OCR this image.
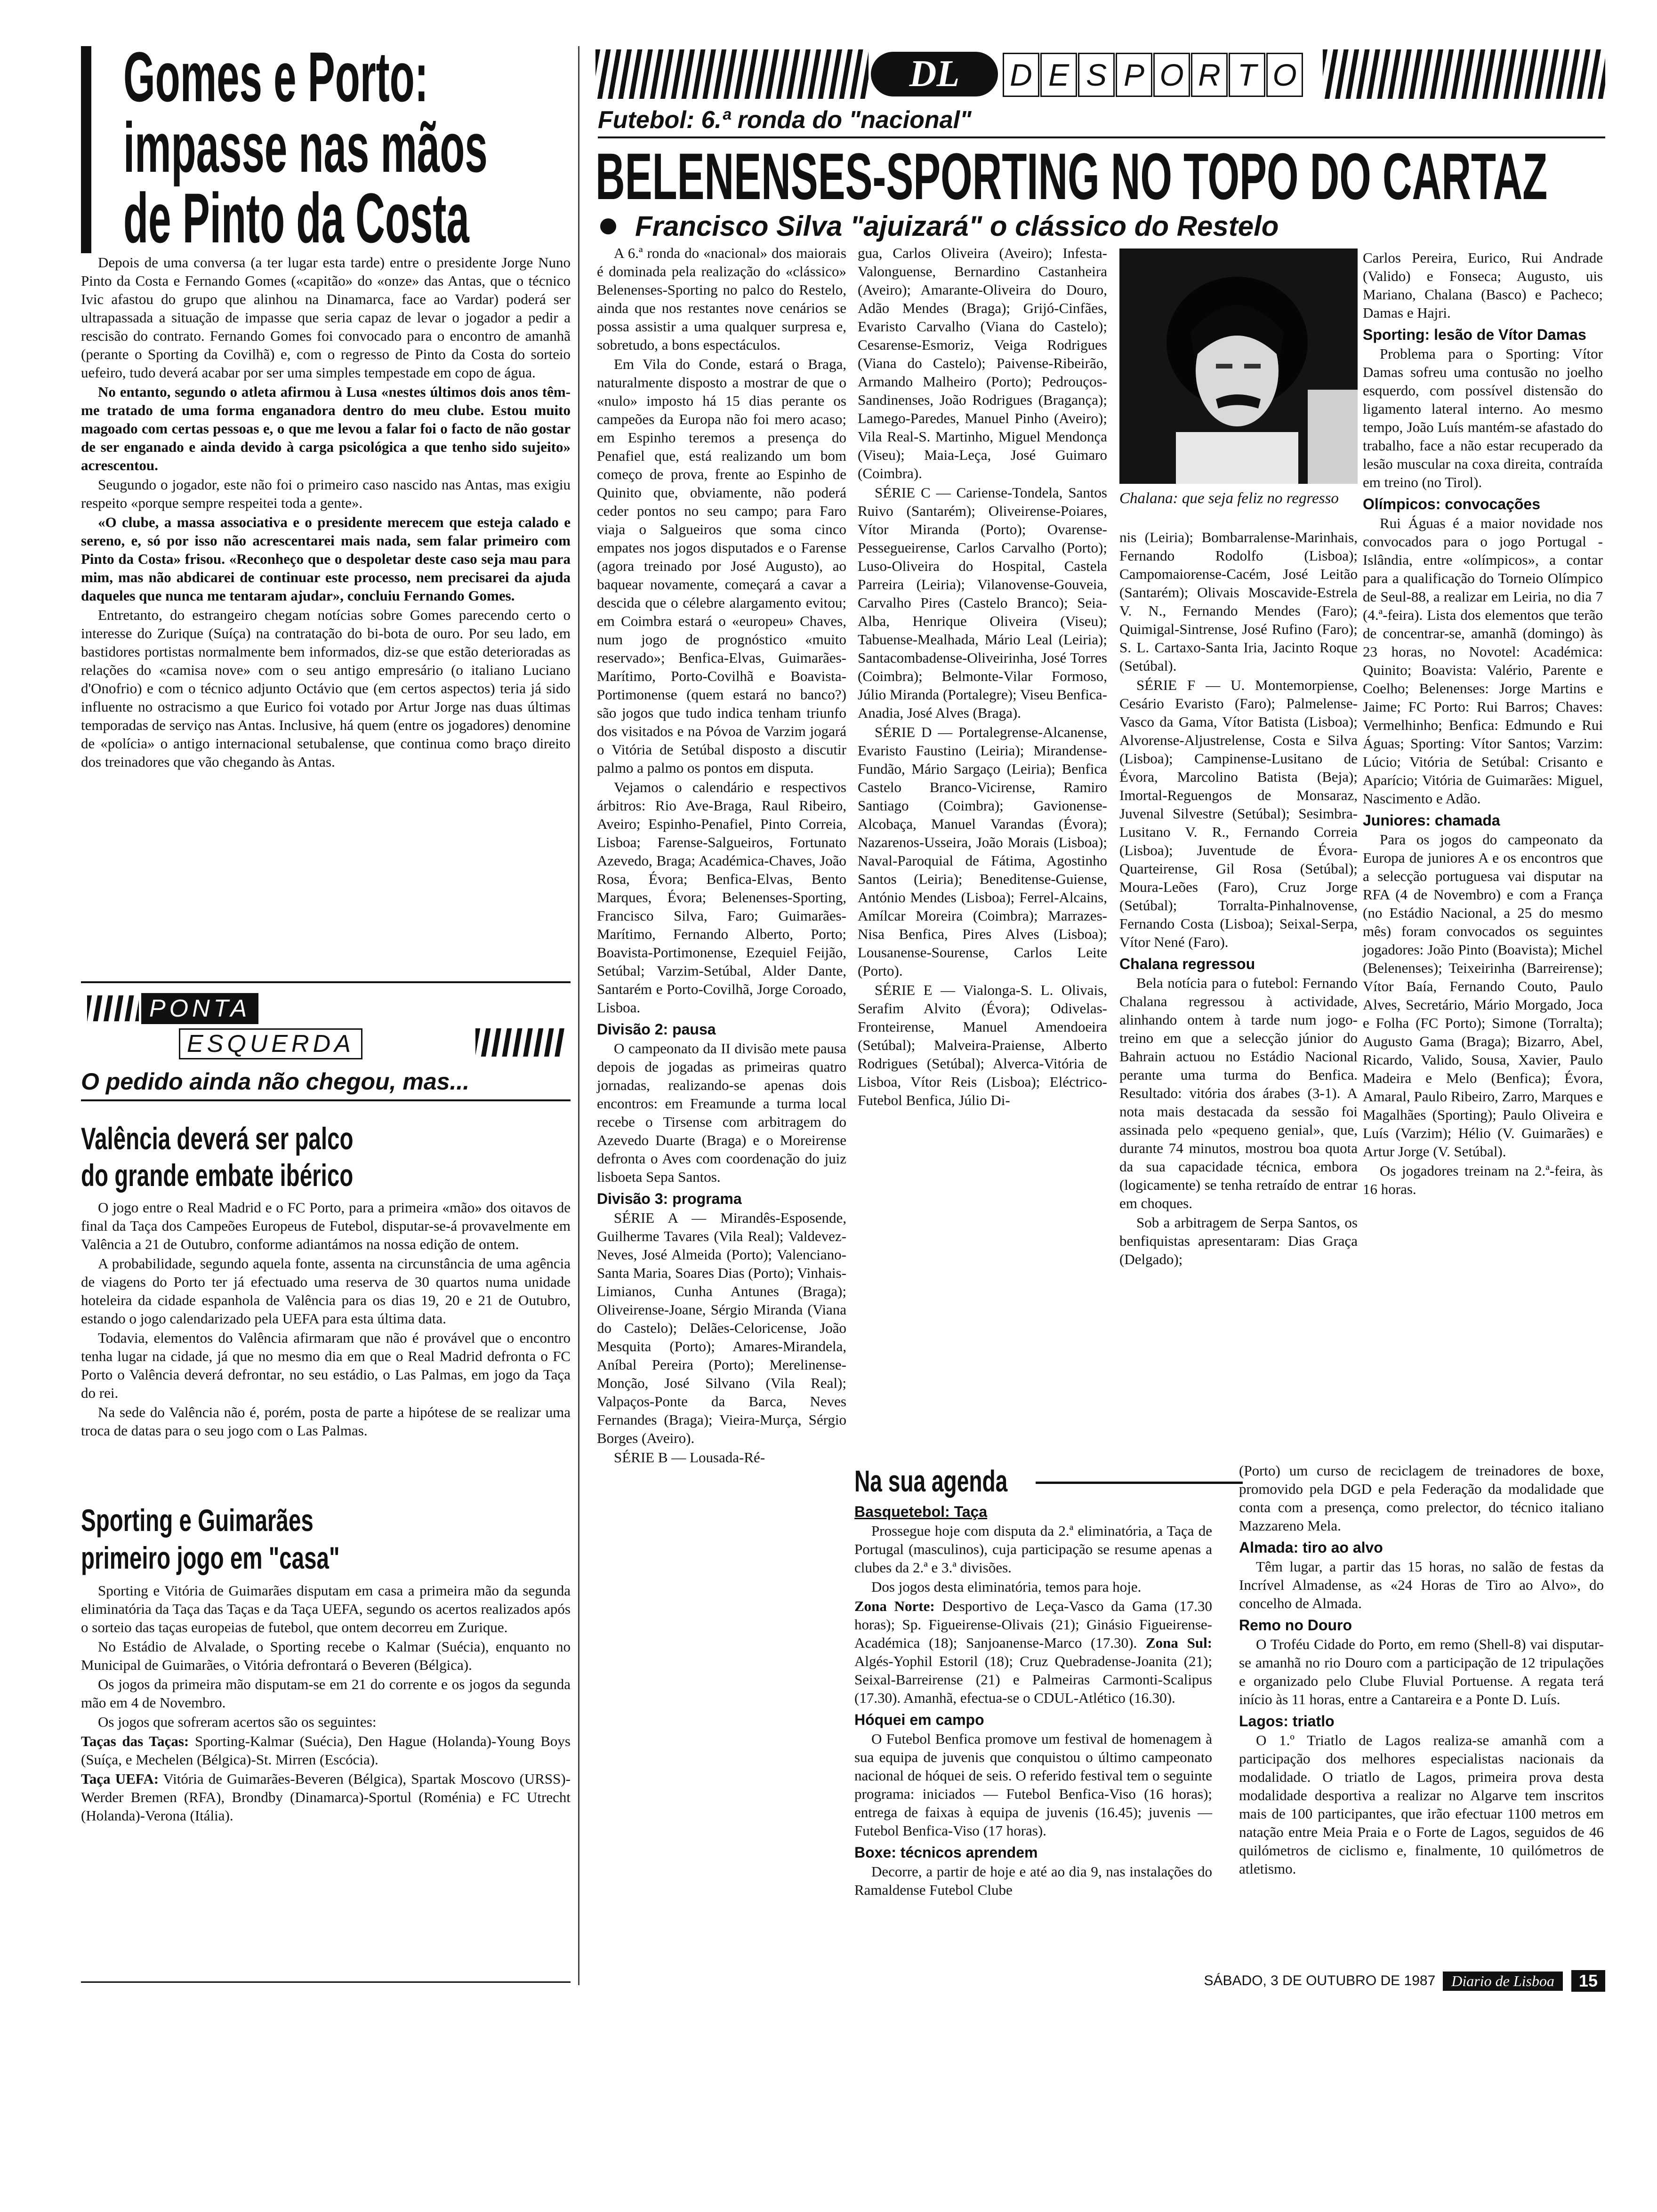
Gomes e Porto:
impasse nas mãos
de Pinto da Costa

Depois de uma conversa (a ter lugar esta tarde) entre o presidente Jorge Nuno Pinto da Costa e Fernando Gomes («capitão» do «onze» das Antas, que o técnico Ivic afastou do grupo que alinhou na Dinamarca, face ao Vardar) poderá ser ultrapassada a situação de impasse que seria capaz de levar o jogador a pedir a rescisão do contrato. Fernando Gomes foi convocado para o encontro de amanhã (perante o Sporting da Covilhã) e, com o regresso de Pinto da Costa do sorteio uefeiro, tudo deverá acabar por ser uma simples tempestade em copo de água.

No entanto, segundo o atleta afirmou à Lusa «nestes últimos dois anos têm-me tratado de uma forma enganadora dentro do meu clube. Estou muito magoado com certas pessoas e, o que me levou a falar foi o facto de não gostar de ser enganado e ainda devido à carga psicológica a que tenho sido sujeito» acrescentou.

Seugundo o jogador, este não foi o primeiro caso nascido nas Antas, mas exigiu respeito «porque sempre respeitei toda a gente».

«O clube, a massa associativa e o presidente merecem que esteja calado e sereno, e, só por isso não acrescentarei mais nada, sem falar primeiro com Pinto da Costa» frisou. «Reconheço que o despoletar deste caso seja mau para mim, mas não abdicarei de continuar este processo, nem precisarei da ajuda daqueles que nunca me tentaram ajudar», concluiu Fernando Gomes.

Entretanto, do estrangeiro chegam notícias sobre Gomes parecendo certo o interesse do Zurique (Suíça) na contratação do bi-bota de ouro. Por seu lado, em bastidores portistas normalmente bem informados, diz-se que estão deterioradas as relações do «camisa nove» com o seu antigo empresário (o italiano Luciano d'Onofrio) e com o técnico adjunto Octávio que (em certos aspectos) teria já sido influente no ostracismo a que Eurico foi votado por Artur Jorge nas duas últimas temporadas de serviço nas Antas. Inclusive, há quem (entre os jogadores) denomine de «polícia» o antigo internacional setubalense, que continua como braço direito dos treinadores que vão chegando às Antas.

PONTA
ESQUERDA
O pedido ainda não chegou, mas...
Valência deverá ser palco
do grande embate ibérico

O jogo entre o Real Madrid e o FC Porto, para a primeira «mão» dos oitavos de final da Taça dos Campeões Europeus de Futebol, disputar-se-á provavelmente em Valência a 21 de Outubro, conforme adiantámos na nossa edição de ontem.

A probabilidade, segundo aquela fonte, assenta na circunstância de uma agência de viagens do Porto ter já efectuado uma reserva de 30 quartos numa unidade hoteleira da cidade espanhola de Valência para os dias 19, 20 e 21 de Outubro, estando o jogo calendarizado pela UEFA para esta última data.

Todavia, elementos do Valência afirmaram que não é provável que o encontro tenha lugar na cidade, já que no mesmo dia em que o Real Madrid defronta o FC Porto o Valência deverá defrontar, no seu estádio, o Las Palmas, em jogo da Taça do rei.

Na sede do Valência não é, porém, posta de parte a hipótese de se realizar uma troca de datas para o seu jogo com o Las Palmas.

Sporting e Guimarães
primeiro jogo em "casa"

Sporting e Vitória de Guimarães disputam em casa a primeira mão da segunda eliminatória da Taça das Taças e da Taça UEFA, segundo os acertos realizados após o sorteio das taças europeias de futebol, que ontem decorreu em Zurique.

No Estádio de Alvalade, o Sporting recebe o Kalmar (Suécia), enquanto no Municipal de Guimarães, o Vitória defrontará o Beveren (Bélgica).

Os jogos da primeira mão disputam-se em 21 do corrente e os jogos da segunda mão em 4 de Novembro.

Os jogos que sofreram acertos são os seguintes:

Taças das Taças: Sporting-Kalmar (Suécia), Den Hague (Holanda)-Young Boys (Suíça, e Mechelen (Bélgica)-St. Mirren (Escócia).

Taça UEFA: Vitória de Guimarães-Beveren (Bélgica), Spartak Moscovo (URSS)-Werder Bremen (RFA), Brondby (Dinamarca)-Sportul (Roménia) e FC Utrecht (Holanda)-Verona (Itália).

DL D E S P O R T O
Futebol: 6.ª ronda do "nacional"
BELENENSES-SPORTING NO TOPO DO CARTAZ
Francisco Silva "ajuizará" o clássico do Restelo

A 6.ª ronda do «nacional» dos maiorais é dominada pela realização do «clássico» Belenenses-Sporting no palco do Restelo, ainda que nos restantes nove cenários se possa assistir a uma qualquer surpresa e, sobretudo, a bons espectáculos.

Em Vila do Conde, estará o Braga, naturalmente disposto a mostrar de que o «nulo» imposto há 15 dias perante os campeões da Europa não foi mero acaso; em Espinho teremos a presença do Penafiel que, está realizando um bom começo de prova, frente ao Espinho de Quinito que, obviamente, não poderá ceder pontos no seu campo; para Faro viaja o Salgueiros que soma cinco empates nos jogos disputados e o Farense (agora treinado por José Augusto), ao baquear novamente, começará a cavar a descida que o célebre alargamento evitou; em Coimbra estará o «europeu» Chaves, num jogo de prognóstico «muito reservado»; Benfica-Elvas, Guimarães-Marítimo, Porto-Covilhã e Boavista-Portimonense (quem estará no banco?) são jogos que tudo indica tenham triunfo dos visitados e na Póvoa de Varzim jogará o Vitória de Setúbal disposto a discutir palmo a palmo os pontos em disputa.

Vejamos o calendário e respectivos árbitros: Rio Ave-Braga, Raul Ribeiro, Aveiro; Espinho-Penafiel, Pinto Correia, Lisboa; Farense-Salgueiros, Fortunato Azevedo, Braga; Académica-Chaves, João Rosa, Évora; Benfica-Elvas, Bento Marques, Évora; Belenenses-Sporting, Francisco Silva, Faro; Guimarães-Marítimo, Fernando Alberto, Porto; Boavista-Portimonense, Ezequiel Feijão, Setúbal; Varzim-Setúbal, Alder Dante, Santarém e Porto-Covilhã, Jorge Coroado, Lisboa.

Divisão 2: pausa

O campeonato da II divisão mete pausa depois de jogadas as primeiras quatro jornadas, realizando-se apenas dois encontros: em Freamunde a turma local recebe o Tirsense com arbitragem do Azevedo Duarte (Braga) e o Moreirense defronta o Aves com coordenação do juiz lisboeta Sepa Santos.

Divisão 3: programa

SÉRIE A — Mirandês-Esposende, Guilherme Tavares (Vila Real); Valdevez-Neves, José Almeida (Porto); Valenciano-Santa Maria, Soares Dias (Porto); Vinhais-Limianos, Cunha Antunes (Braga); Oliveirense-Joane, Sérgio Miranda (Viana do Castelo); Delães-Celoricense, João Mesquita (Porto); Amares-Mirandela, Aníbal Pereira (Porto); Merelinense-Monção, José Silvano (Vila Real); Valpaços-Ponte da Barca, Neves Fernandes (Braga); Vieira-Murça, Sérgio Borges (Aveiro).

SÉRIE B — Lousada-Ré-

gua, Carlos Oliveira (Aveiro); Infesta-Valonguense, Bernardino Castanheira (Aveiro); Amarante-Oliveira do Douro, Adão Mendes (Braga); Grijó-Cinfães, Evaristo Carvalho (Viana do Castelo); Cesarense-Esmoriz, Veiga Rodrigues (Viana do Castelo); Paivense-Ribeirão, Armando Malheiro (Porto); Pedrouços-Sandinenses, João Rodrigues (Bragança); Lamego-Paredes, Manuel Pinho (Aveiro); Vila Real-S. Martinho, Miguel Mendonça (Viseu); Maia-Leça, José Guimaro (Coimbra).

SÉRIE C — Cariense-Tondela, Santos Ruivo (Santarém); Oliveirense-Poiares, Vítor Miranda (Porto); Ovarense-Pessegueirense, Carlos Carvalho (Porto); Luso-Oliveira do Hospital, Castela Parreira (Leiria); Vilanovense-Gouveia, Carvalho Pires (Castelo Branco); Seia-Alba, Henrique Oliveira (Viseu); Tabuense-Mealhada, Mário Leal (Leiria); Santacombadense-Oliveirinha, José Torres (Coimbra); Belmonte-Vilar Formoso, Júlio Miranda (Portalegre); Viseu Benfica-Anadia, José Alves (Braga).

SÉRIE D — Portalegrense-Alcanense, Evaristo Faustino (Leiria); Mirandense-Fundão, Mário Sargaço (Leiria); Benfica Castelo Branco-Vicirense, Ramiro Santiago (Coimbra); Gavionense-Alcobaça, Manuel Varandas (Évora); Nazarenos-Usseira, João Morais (Lisboa); Naval-Paroquial de Fátima, Agostinho Santos (Leiria); Beneditense-Guiense, António Mendes (Lisboa); Ferrel-Alcains, Amílcar Moreira (Coimbra); Marrazes-Nisa Benfica, Pires Alves (Lisboa); Lousanense-Sourense, Carlos Leite (Porto).

SÉRIE E — Vialonga-S. L. Olivais, Serafim Alvito (Évora); Odivelas-Fronteirense, Manuel Amendoeira (Setúbal); Malveira-Praiense, Alberto Rodrigues (Setúbal); Alverca-Vitória de Lisboa, Vítor Reis (Lisboa); Eléctrico-Futebol Benfica, Júlio Di-

Chalana: que seja feliz no regresso

nis (Leiria); Bombarralense-Marinhais, Fernando Rodolfo (Lisboa); Campomaiorense-Cacém, José Leitão (Santarém); Olivais Moscavide-Estrela V. N., Fernando Mendes (Faro); Quimigal-Sintrense, José Rufino (Faro); S. L. Cartaxo-Santa Iria, Jacinto Roque (Setúbal).

SÉRIE F — U. Montemorpiense, Cesário Evaristo (Faro); Palmelense-Vasco da Gama, Vítor Batista (Lisboa); Alvorense-Aljustrelense, Costa e Silva (Lisboa); Campinense-Lusitano de Évora, Marcolino Batista (Beja); Imortal-Reguengos de Monsaraz, Juvenal Silvestre (Setúbal); Sesimbra-Lusitano V. R., Fernando Correia (Lisboa); Juventude de Évora-Quarteirense, Gil Rosa (Setúbal); Moura-Leões (Faro), Cruz Jorge (Setúbal); Torralta-Pinhalnovense, Fernando Costa (Lisboa); Seixal-Serpa, Vítor Nené (Faro).

Chalana regressou

Bela notícia para o futebol: Fernando Chalana regressou à actividade, alinhando ontem à tarde num jogo-treino em que a selecção júnior do Bahrain actuou no Estádio Nacional perante uma turma do Benfica. Resultado: vitória dos árabes (3-1). A nota mais destacada da sessão foi assinada pelo «pequeno genial», que, durante 74 minutos, mostrou boa quota da sua capacidade técnica, embora (logicamente) se tenha retraído de entrar em choques.

Sob a arbitragem de Serpa Santos, os benfiquistas apresentaram: Dias Graça (Delgado);

Carlos Pereira, Eurico, Rui Andrade (Valido) e Fonseca; Augusto, uis Mariano, Chalana (Basco) e Pacheco; Damas e Hajri.

Sporting: lesão de Vítor Damas

Problema para o Sporting: Vítor Damas sofreu uma contusão no joelho esquerdo, com possível distensão do ligamento lateral interno. Ao mesmo tempo, João Luís mantém-se afastado do trabalho, face a não estar recuperado da lesão muscular na coxa direita, contraída em treino (no Tirol).

Olímpicos: convocações

Rui Águas é a maior novidade nos convocados para o jogo Portugal - Islândia, entre «olímpicos», a contar para a qualificação do Torneio Olímpico de Seul-88, a realizar em Leiria, no dia 7 (4.ª-feira). Lista dos elementos que terão de concentrar-se, amanhã (domingo) às 23 horas, no Novotel: Académica: Quinito; Boavista: Valério, Parente e Coelho; Belenenses: Jorge Martins e Jaime; FC Porto: Rui Barros; Chaves: Vermelhinho; Benfica: Edmundo e Rui Águas; Sporting: Vítor Santos; Varzim: Lúcio; Vitória de Setúbal: Crisanto e Aparício; Vitória de Guimarães: Miguel, Nascimento e Adão.

Juniores: chamada

Para os jogos do campeonato da Europa de juniores A e os encontros que a selecção portuguesa vai disputar na RFA (4 de Novembro) e com a França (no Estádio Nacional, a 25 do mesmo mês) foram convocados os seguintes jogadores: João Pinto (Boavista); Michel (Belenenses); Teixeirinha (Barreirense); Vítor Baía, Fernando Couto, Paulo Alves, Secretário, Mário Morgado, Joca e Folha (FC Porto); Simone (Torralta); Augusto Gama (Braga); Bizarro, Abel, Ricardo, Valido, Sousa, Xavier, Paulo Madeira e Melo (Benfica); Évora, Amaral, Paulo Ribeiro, Zarro, Marques e Magalhães (Sporting); Paulo Oliveira e Luís (Varzim); Hélio (V. Guimarães) e Artur Jorge (V. Setúbal).

Os jogadores treinam na 2.ª-feira, às 16 horas.

Na sua agenda
Basquetebol: Taça

Prossegue hoje com disputa da 2.ª eliminatória, a Taça de Portugal (masculinos), cuja participação se resume apenas a clubes da 2.ª e 3.ª divisões.

Dos jogos desta eliminatória, temos para hoje.

Zona Norte: Desportivo de Leça-Vasco da Gama (17.30 horas); Sp. Figueirense-Olivais (21); Ginásio Figueirense-Académica (18); Sanjoanense-Marco (17.30). Zona Sul: Algés-Yophil Estoril (18); Cruz Quebradense-Joanita (21); Seixal-Barreirense (21) e Palmeiras Carmonti-Scalipus (17.30). Amanhã, efectua-se o CDUL-Atlético (16.30).

Hóquei em campo

O Futebol Benfica promove um festival de homenagem à sua equipa de juvenis que conquistou o último campeonato nacional de hóquei de seis. O referido festival tem o seguinte programa: iniciados — Futebol Benfica-Viso (16 horas); entrega de faixas à equipa de juvenis (16.45); juvenis — Futebol Benfica-Viso (17 horas).

Boxe: técnicos aprendem

Decorre, a partir de hoje e até ao dia 9, nas instalações do Ramaldense Futebol Clube

(Porto) um curso de reciclagem de treinadores de boxe, promovido pela DGD e pela Federação da modalidade que conta com a presença, como prelector, do técnico italiano Mazzareno Mela.

Almada: tiro ao alvo

Têm lugar, a partir das 15 horas, no salão de festas da Incrível Almadense, as «24 Horas de Tiro ao Alvo», do concelho de Almada.

Remo no Douro

O Troféu Cidade do Porto, em remo (Shell-8) vai disputar-se amanhã no rio Douro com a participação de 12 tripulações e organizado pelo Clube Fluvial Portuense. A regata terá início às 11 horas, entre a Cantareira e a Ponte D. Luís.

Lagos: triatlo

O 1.º Triatlo de Lagos realiza-se amanhã com a participação dos melhores especialistas nacionais da modalidade. O triatlo de Lagos, primeira prova desta modalidade desportiva a realizar no Algarve tem inscritos mais de 100 participantes, que irão efectuar 1100 metros em natação entre Meia Praia e o Forte de Lagos, seguidos de 46 quilómetros de ciclismo e, finalmente, 10 quilómetros de atletismo.

SÁBADO, 3 DE OUTUBRO DE 1987	Diario de Lisboa	15
